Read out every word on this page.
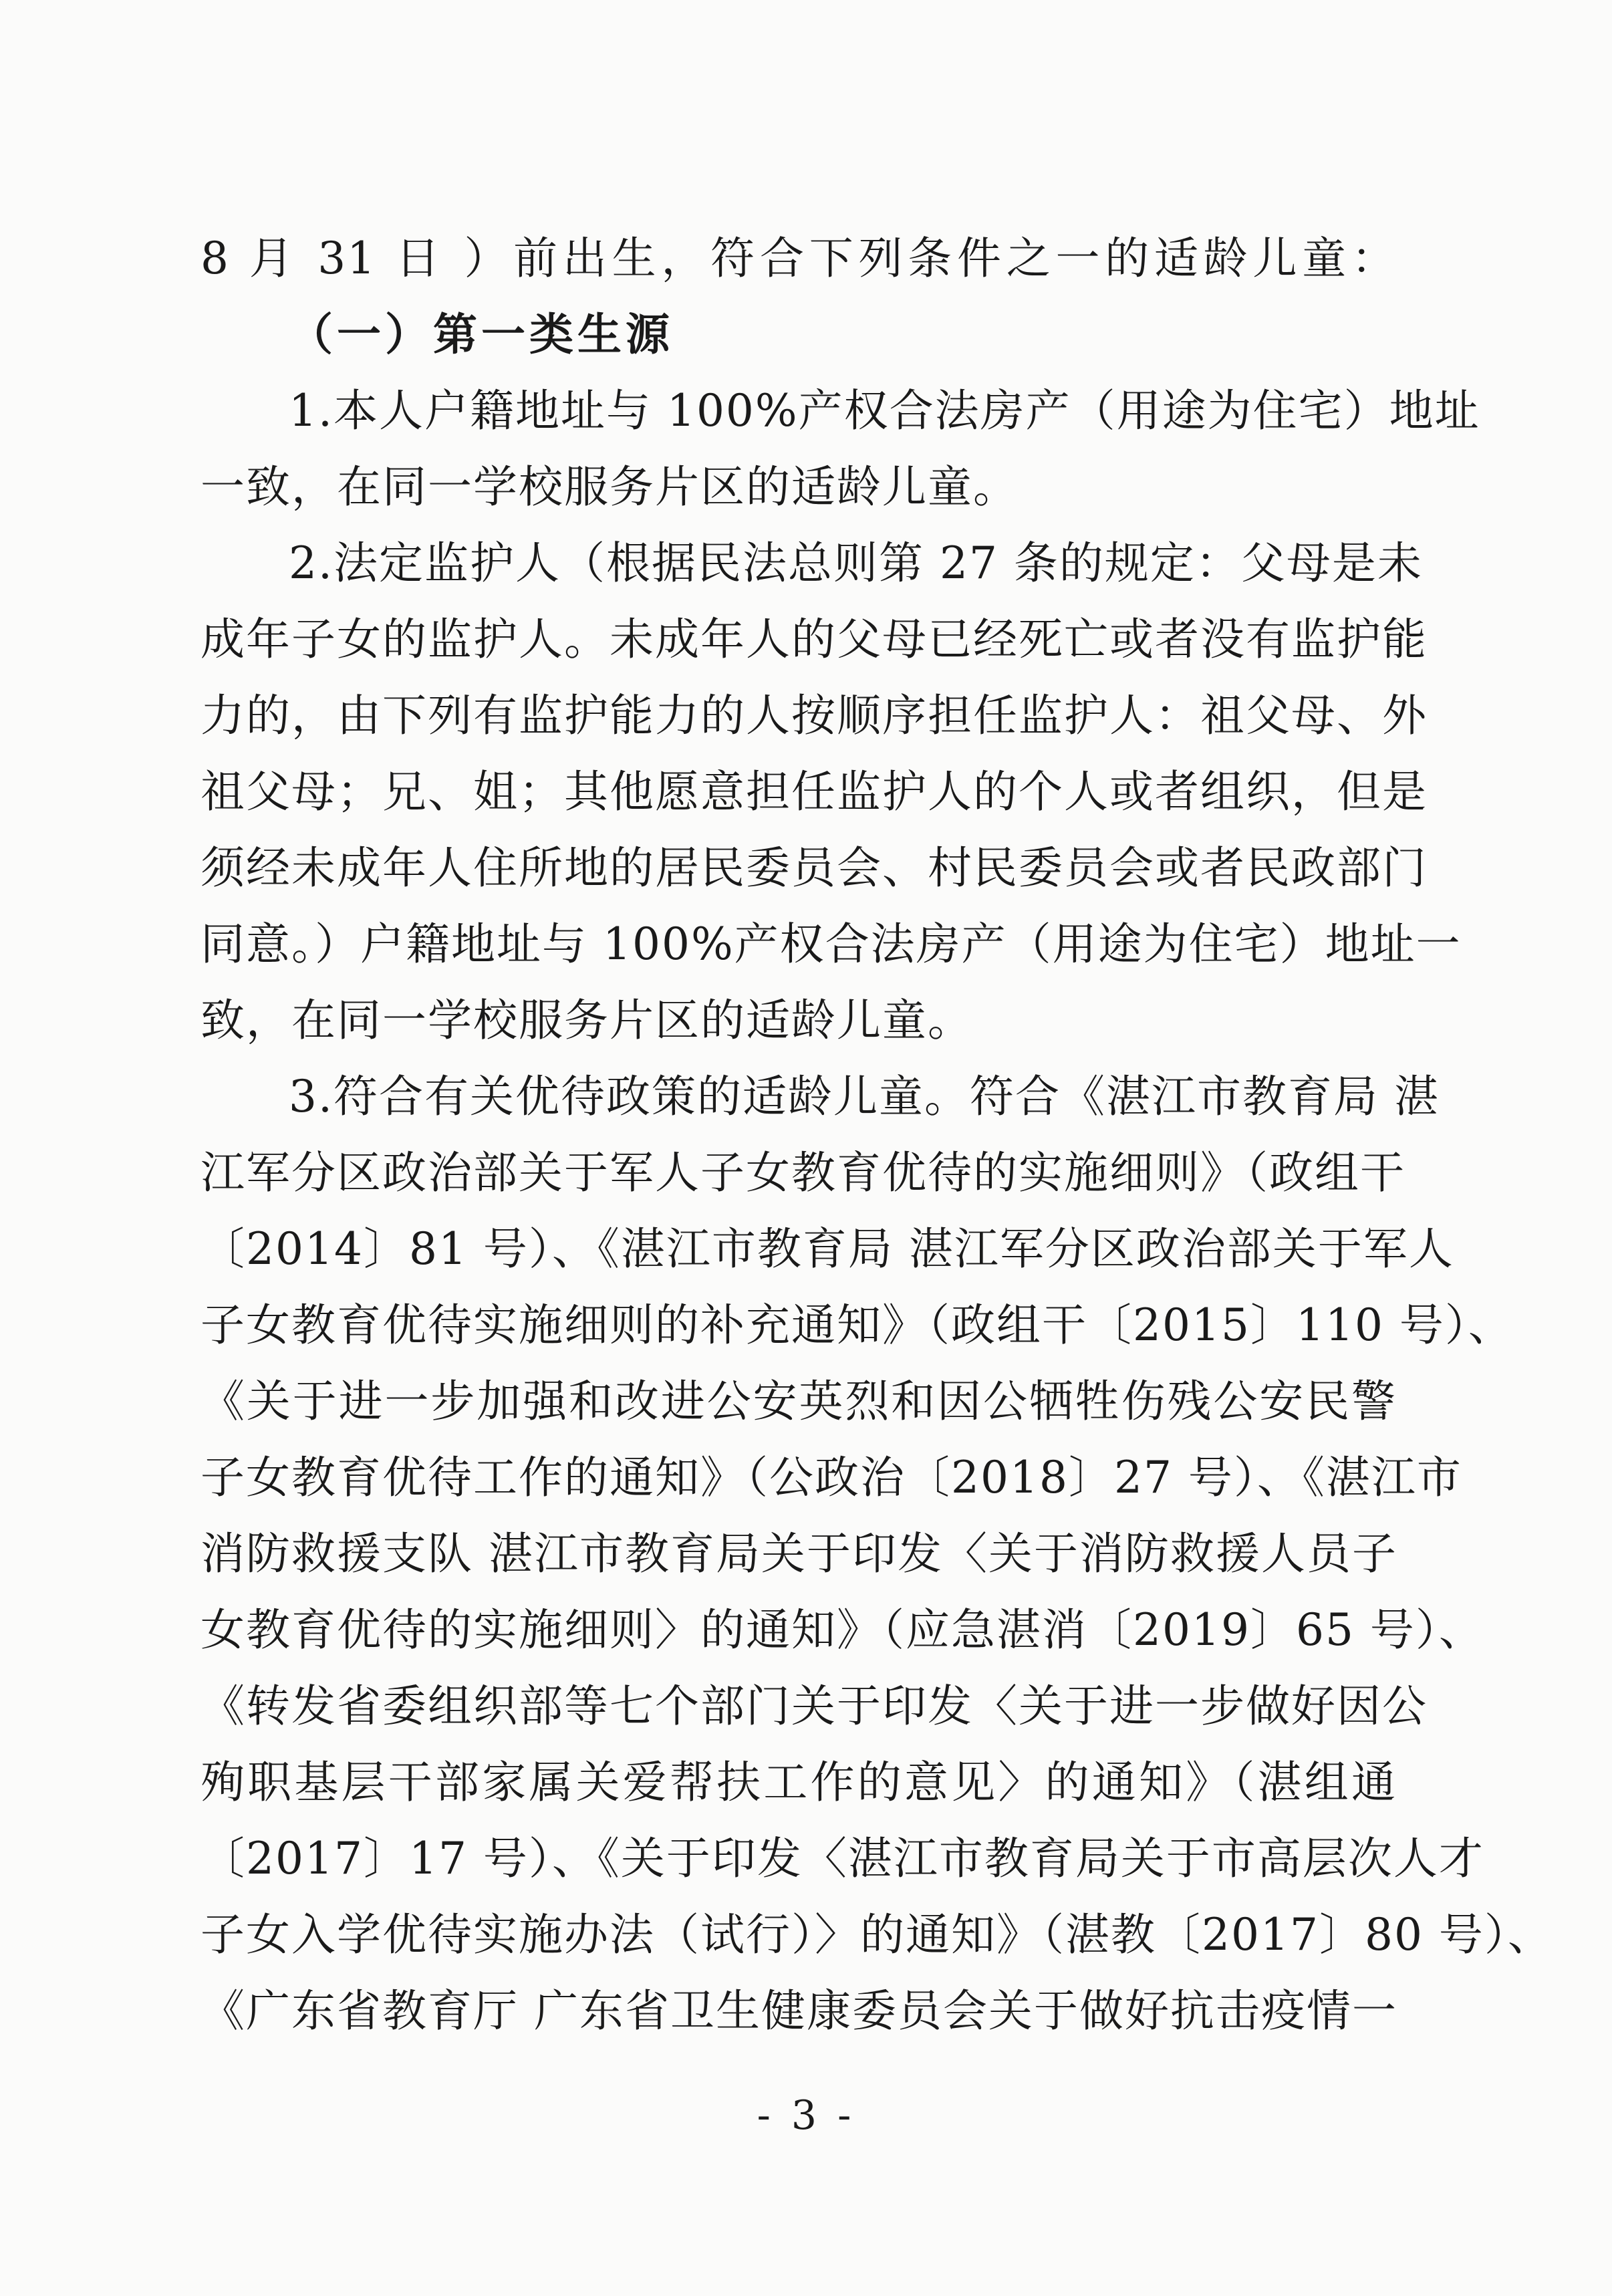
8 月 31 日 ）前出生，符合下列条件之一的适龄儿童：
（一）第一类生源
1.本人户籍地址与 100%产权合法房产（用途为住宅）地址
一致，在同一学校服务片区的适龄儿童。
2.法定监护人（根据民法总则第 27 条的规定：父母是未
成年子女的监护人。未成年人的父母已经死亡或者没有监护能
力的，由下列有监护能力的人按顺序担任监护人：祖父母、外
祖父母；兄、姐；其他愿意担任监护人的个人或者组织，但是
须经未成年人住所地的居民委员会、村民委员会或者民政部门
同意。）户籍地址与 100%产权合法房产（用途为住宅）地址一
致，在同一学校服务片区的适龄儿童。
3.符合有关优待政策的适龄儿童。符合《湛江市教育局 湛
江军分区政治部关于军人子女教育优待的实施细则》（政组干
〔2014〕81 号）、《湛江市教育局 湛江军分区政治部关于军人
子女教育优待实施细则的补充通知》（政组干〔2015〕110 号）、
《关于进一步加强和改进公安英烈和因公牺牲伤残公安民警
子女教育优待工作的通知》（公政治〔2018〕27 号）、《湛江市
消防救援支队 湛江市教育局关于印发〈关于消防救援人员子
女教育优待的实施细则〉的通知》（应急湛消〔2019〕65 号）、
《转发省委组织部等七个部门关于印发〈关于进一步做好因公
殉职基层干部家属关爱帮扶工作的意见〉的通知》（湛组通
〔2017〕17 号）、《关于印发〈湛江市教育局关于市高层次人才
子女入学优待实施办法（试行）〉的通知》（湛教〔2017〕80 号）、
《广东省教育厅 广东省卫生健康委员会关于做好抗击疫情一
- 3 -
